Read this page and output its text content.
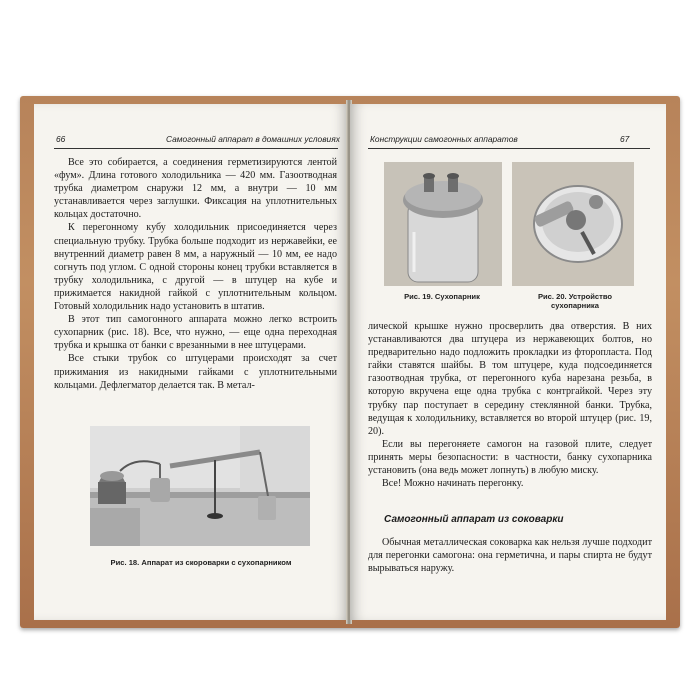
66	Самогонный аппарат в домашних условиях

Все это собирается, а соединения герметизируются лентой «фум». Длина готового холодильника — 420 мм. Газоотводная трубка диаметром снаружи 12 мм, а внутри — 10 мм устанавливается через заглушки. Фиксация на уплотнительных кольцах достаточно.

К перегонному кубу холодильник присоединяется через специальную трубку. Трубка больше подходит из нержавейки, ее внутренний диаметр равен 8 мм, а наружный — 10 мм, ее надо согнуть под углом. С одной стороны конец трубки вставляется в трубку холодильника, с другой — в штуцер на кубе и прижимается накидной гайкой с уплотнительным кольцом. Готовый холодильник надо установить в штатив.

В этот тип самогонного аппарата можно легко встроить сухопарник (рис. 18). Все, что нужно, — еще одна переходная трубка и крышка от банки с врезанными в нее штуцерами.

Все стыки трубок со штуцерами происходят за счет прижимания из накидными гайками с уплотнительными кольцами. Дефлегматор делается так. В метал-

Рис. 18. Аппарат из скороварки с сухопарником
Конструкции самогонных аппаратов	67
Рис. 19. Сухопарник	Рис. 20. Устройство сухопарника

лической крышке нужно просверлить два отверстия. В них устанавливаются два штуцера из нержавеющих болтов, но предварительно надо подложить прокладки из фторопласта. Под гайки ставятся шайбы. В том штуцере, куда подсоединяется газоотводная трубка, от перегонного куба нарезана резьба, в которую вкручена еще одна трубка с контргайкой. Через эту трубку пар поступает в середину стеклянной банки. Трубка, ведущая к холодильнику, вставляется во второй штуцер (рис. 19, 20).

Если вы перегоняете самогон на газовой плите, следует принять меры безопасности: в частности, банку сухопарника установить (она ведь может лопнуть) в любую миску.

Все! Можно начинать перегонку.

Самогонный аппарат из соковарки

Обычная металлическая соковарка как нельзя лучше подходит для перегонки самогона: она герметична, и пары спирта не будут вырываться наружу.
